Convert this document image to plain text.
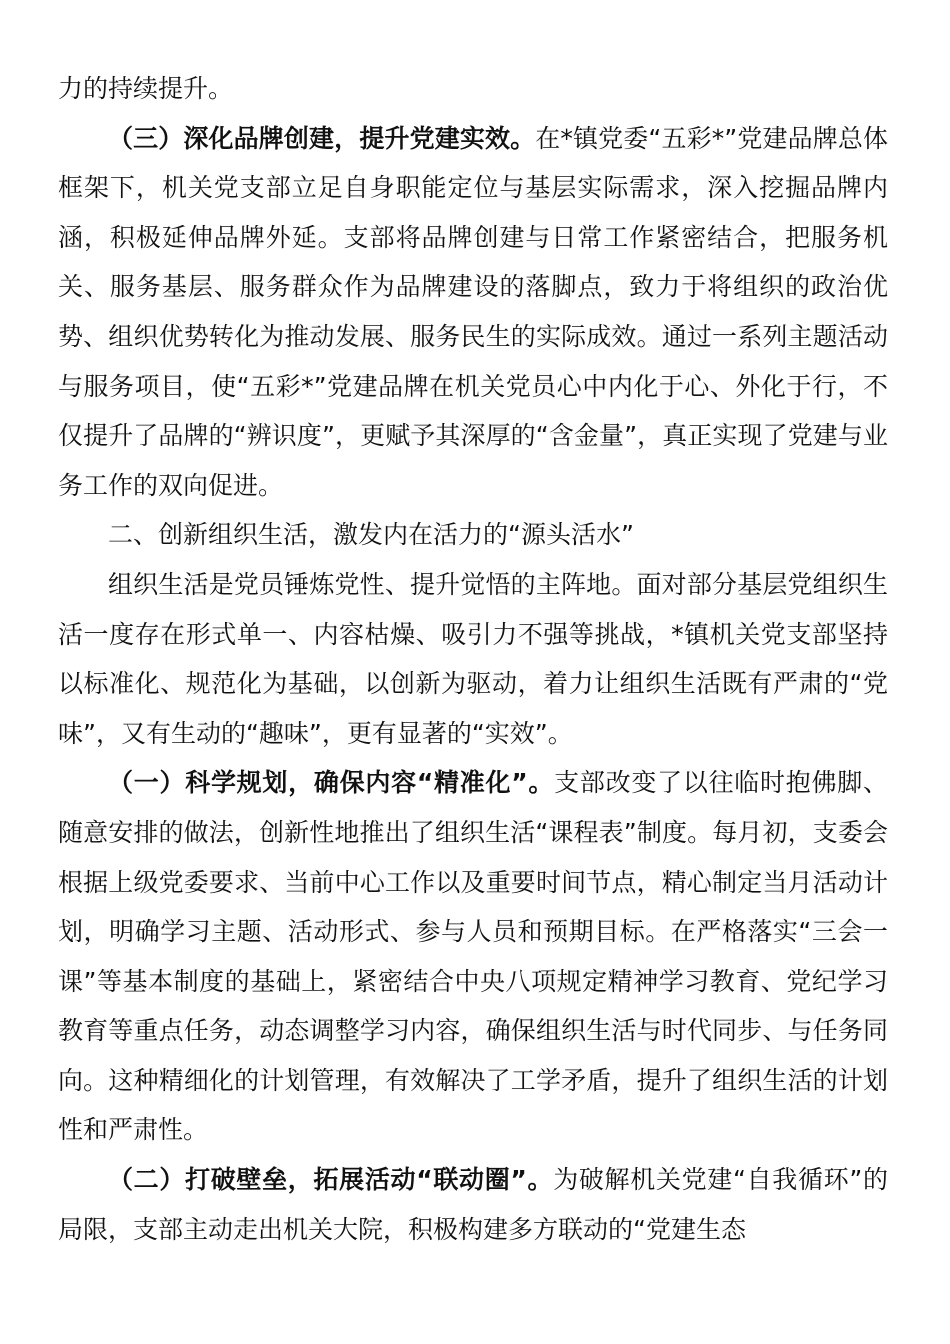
力的持续提升。

（三）深化品牌创建，提升党建实效。在*镇党委“五彩*”党建品牌总体框架下，机关党支部立足自身职能定位与基层实际需求，深入挖掘品牌内涵，积极延伸品牌外延。支部将品牌创建与日常工作紧密结合，把服务机关、服务基层、服务群众作为品牌建设的落脚点，致力于将组织的政治优势、组织优势转化为推动发展、服务民生的实际成效。通过一系列主题活动与服务项目，使“五彩*”党建品牌在机关党员心中内化于心、外化于行，不仅提升了品牌的“辨识度”，更赋予其深厚的“含金量”，真正实现了党建与业务工作的双向促进。

二、创新组织生活，激发内在活力的“源头活水”

组织生活是党员锤炼党性、提升觉悟的主阵地。面对部分基层党组织生活一度存在形式单一、内容枯燥、吸引力不强等挑战，*镇机关党支部坚持以标准化、规范化为基础，以创新为驱动，着力让组织生活既有严肃的“党味”，又有生动的“趣味”，更有显著的“实效”。

（一）科学规划，确保内容“精准化”。支部改变了以往临时抱佛脚、随意安排的做法，创新性地推出了组织生活“课程表”制度。每月初，支委会根据上级党委要求、当前中心工作以及重要时间节点，精心制定当月活动计划，明确学习主题、活动形式、参与人员和预期目标。在严格落实“三会一课”等基本制度的基础上，紧密结合中央八项规定精神学习教育、党纪学习教育等重点任务，动态调整学习内容，确保组织生活与时代同步、与任务同向。这种精细化的计划管理，有效解决了工学矛盾，提升了组织生活的计划性和严肃性。

（二）打破壁垒，拓展活动“联动圈”。为破解机关党建“自我循环”的局限，支部主动走出机关大院，积极构建多方联动的“党建生态
